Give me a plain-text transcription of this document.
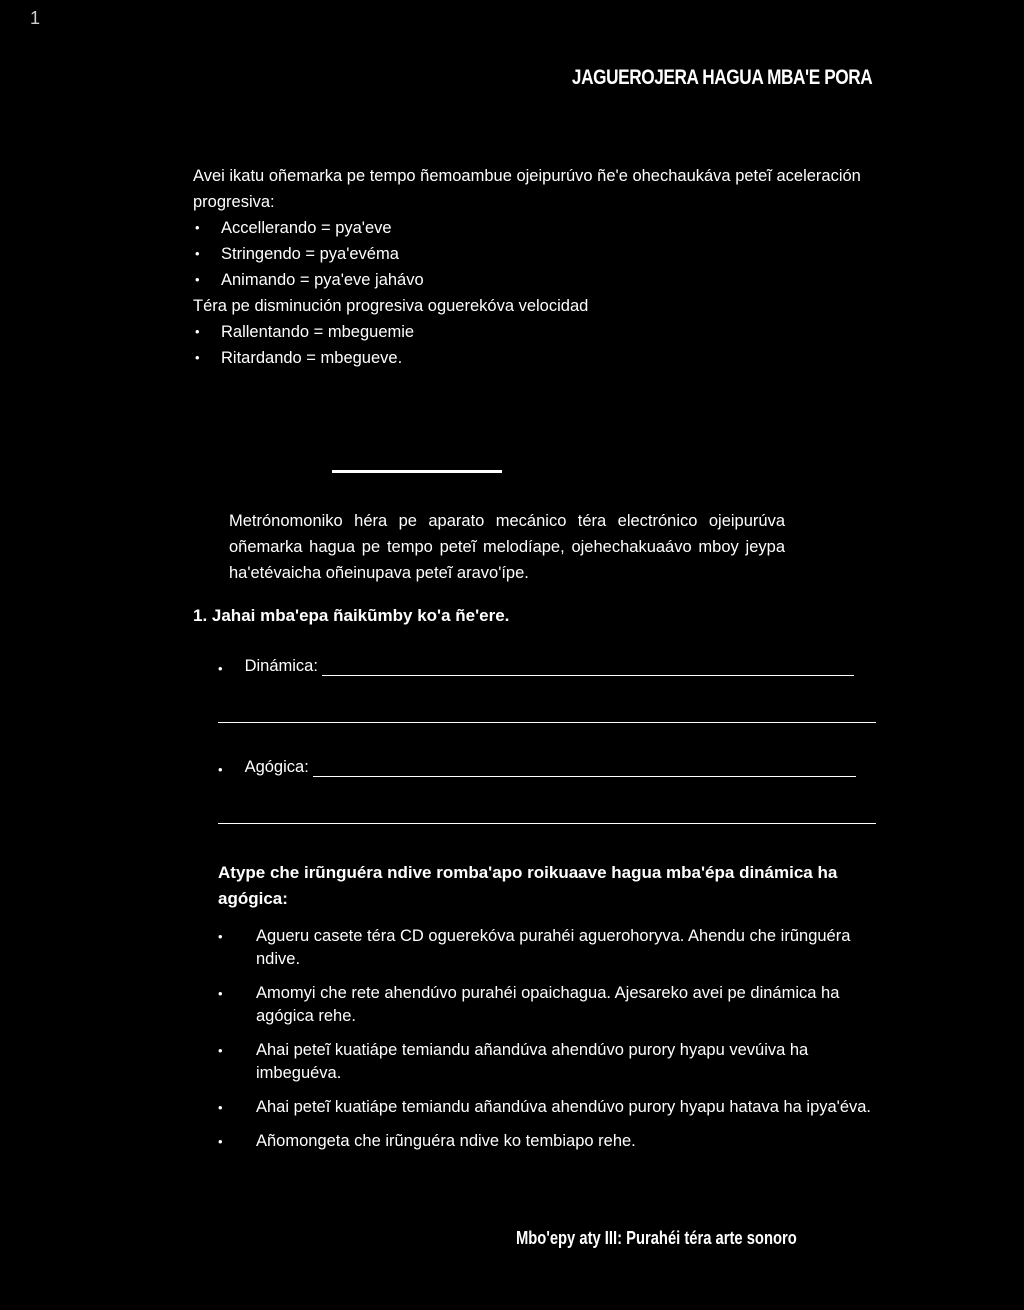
1
JAGUEROJERA HAGUA MBA'E PORA
Avei ikatu oñemarka pe tempo ñemoambue ojeipurúvo ñe'e ohechaukáva peteĩ aceleración progresiva:
• Accellerando = pya'eve
• Stringendo = pya'evéma
• Animando = pya'eve jahávo
Téra pe disminución progresiva oguerekóva velocidad
• Rallentando = mbeguemie
• Ritardando = mbegueve.
Metrónomoniko héra pe aparato mecánico téra electrónico ojeipurúva oñemarka hagua pe tempo peteĩ melodíape, ojehechakuaávo mboy jeypa ha'etévaicha oñeinupava peteĩ aravo'ípe.
1. Jahai mba'epa ñaikũmby ko'a ñe'ere.
• Dinámica:
• Agógica:
Atype che irũnguéra ndive romba'apo roikuaave hagua mba'épa dinámica ha agógica:
• Agueru casete téra CD oguerekóva purahéi aguerohoryva. Ahendu che irũnguéra ndive.
• Amomyi che rete ahendúvo purahéi opaichagua. Ajesareko avei pe dinámica ha agógica rehe.
• Ahai peteĩ kuatiápe temiandu añandúva ahendúvo purory hyapu vevúiva ha imbeguéva.
• Ahai peteĩ kuatiápe temiandu añandúva ahendúvo purory hyapu hatava ha ipya'éva.
• Añomongeta che irũnguéra ndive ko tembiapo rehe.
Mbo'epy aty III: Purahéi téra arte sonoro
